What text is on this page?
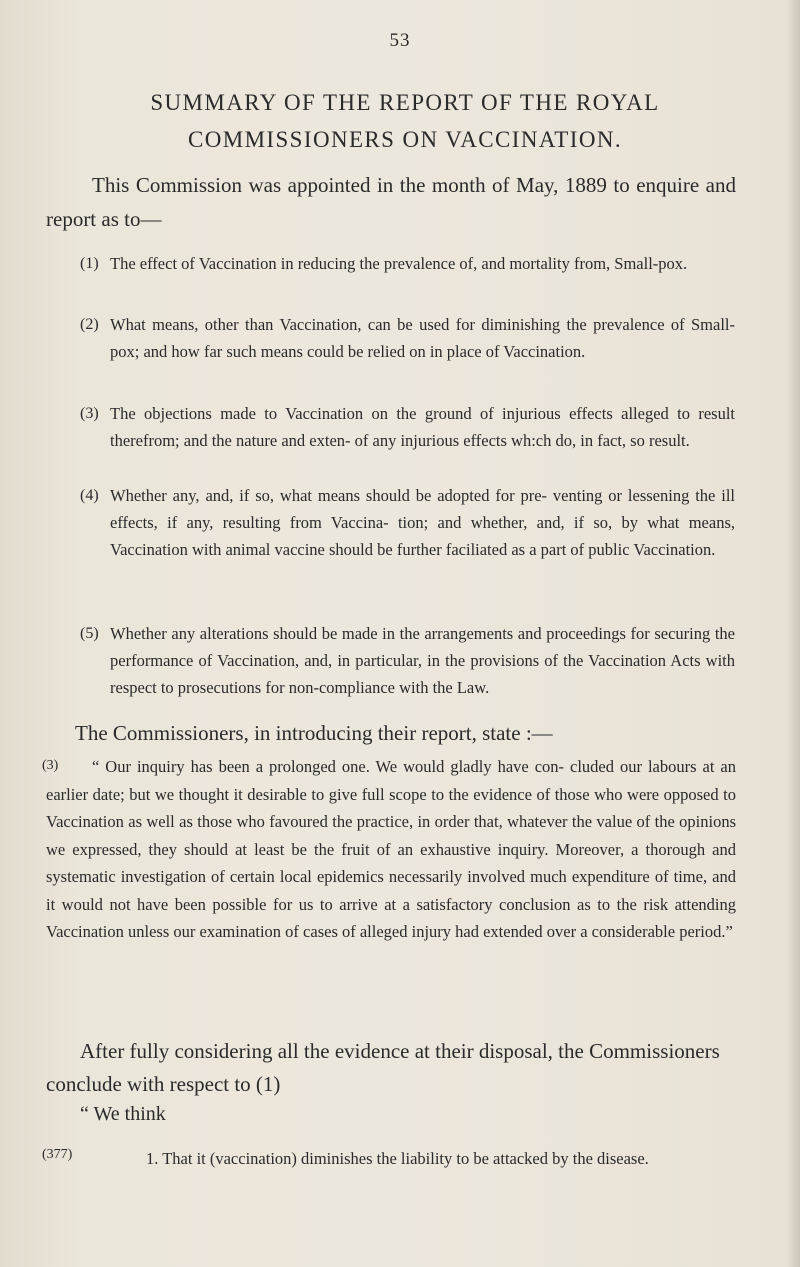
53
SUMMARY OF THE REPORT OF THE ROYAL
COMMISSIONERS ON VACCINATION.

This Commission was appointed in the month of May, 1889 to enquire and report as to—

(1) The effect of Vaccination in reducing the prevalence of, and mortality from, Small-pox.
(2) What means, other than Vaccination, can be used for diminishing the prevalence of Small-pox; and how far such means could be relied on in place of Vaccination.
(3) The objections made to Vaccination on the ground of injurious effects alleged to result therefrom; and the nature and exten- of any injurious effects wh:ch do, in fact, so result.
(4) Whether any, and, if so, what means should be adopted for pre- venting or lessening the ill effects, if any, resulting from Vaccina- tion; and whether, and, if so, by what means, Vaccination with animal vaccine should be further faciliated as a part of public Vaccination.
(5) Whether any alterations should be made in the arrangements and proceedings for securing the performance of Vaccination, and, in particular, in the provisions of the Vaccination Acts with respect to prosecutions for non-compliance with the Law.

The Commissioners, in introducing their report, state :—

(3)	“ Our inquiry has been a prolonged one. We would gladly have con- cluded our labours at an earlier date; but we thought it desirable to give full scope to the evidence of those who were opposed to Vaccination as well as those who favoured the practice, in order that, whatever the value of the opinions we expressed, they should at least be the fruit of an exhaustive inquiry. Moreover, a thorough and systematic investigation of certain local epidemics necessarily involved much expenditure of time, and it would not have been possible for us to arrive at a satisfactory conclusion as to the risk attending Vaccination unless our examination of cases of alleged injury had extended over a considerable period.”

After fully considering all the evidence at their disposal, the Commissioners conclude with respect to (1)

“ We think

(377)	1. That it (vaccination) diminishes the liability to be attacked by the disease.
